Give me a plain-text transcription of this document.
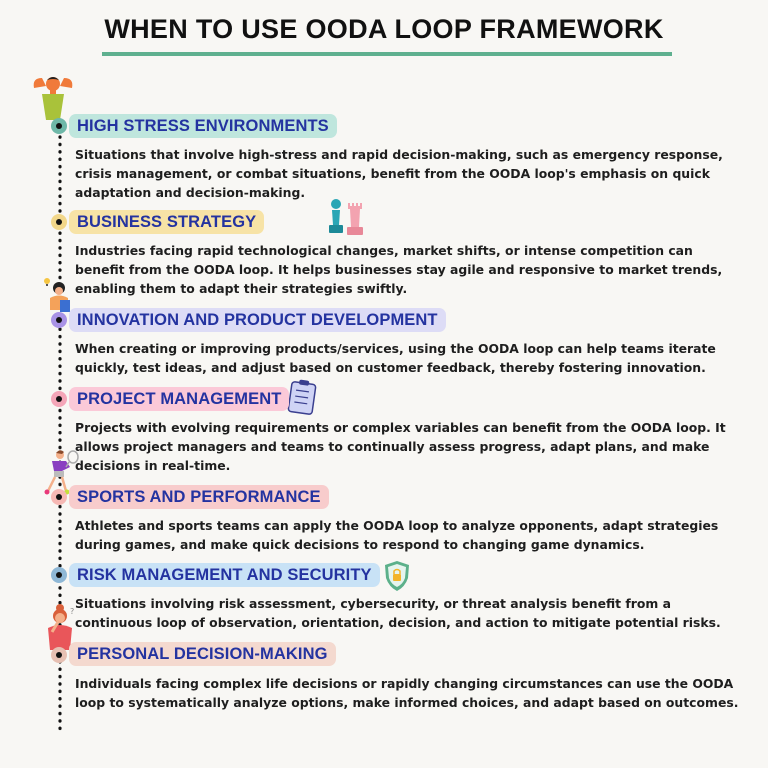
WHEN TO USE OODA LOOP FRAMEWORK
?
HIGH STRESS ENVIRONMENTS
Situations that involve high-stress and rapid decision-making, such as emergency response, crisis management, or combat situations, benefit from the OODA loop's emphasis on quick adaptation and decision-making.
BUSINESS STRATEGY
Industries facing rapid technological changes, market shifts, or intense competition can benefit from the OODA loop. It helps businesses stay agile and responsive to market trends, enabling them to adapt their strategies swiftly.
INNOVATION AND PRODUCT DEVELOPMENT
When creating or improving products/services, using the OODA loop can help teams iterate quickly, test ideas, and adjust based on customer feedback, thereby fostering innovation.
PROJECT MANAGEMENT
Projects with evolving requirements or complex variables can benefit from the OODA loop. It allows project managers and teams to continually assess progress, adapt plans, and make decisions in real-time.
SPORTS AND PERFORMANCE
Athletes and sports teams can apply the OODA loop to analyze opponents, adapt strategies during games, and make quick decisions to respond to changing game dynamics.
RISK MANAGEMENT AND SECURITY
Situations involving risk assessment, cybersecurity, or threat analysis benefit from a continuous loop of observation, orientation, decision, and action to mitigate potential risks.
PERSONAL DECISION-MAKING
Individuals facing complex life decisions or rapidly changing circumstances can use the OODA loop to systematically analyze options, make informed choices, and adapt based on outcomes.
